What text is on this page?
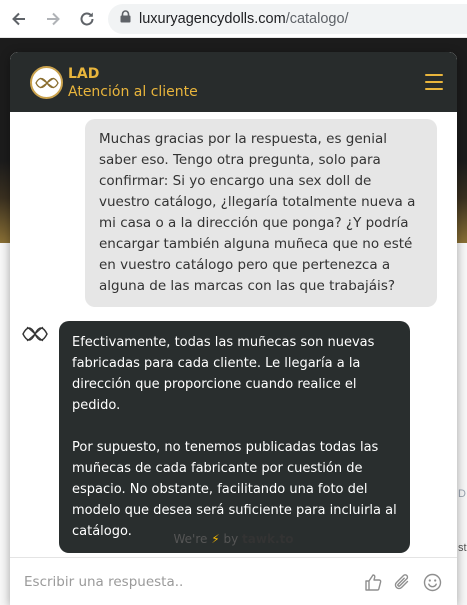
luxuryagencydolls.com/catalogo/
D
st
LAD
Atención al cliente
Muchas gracias por la respuesta, es genial saber eso. Tengo otra pregunta, solo para confirmar: Si yo encargo una sex doll de vuestro catálogo, ¿llegaría totalmente nueva a mi casa o a la dirección que ponga? ¿Y podría encargar también alguna muñeca que no esté en vuestro catálogo pero que pertenezca a alguna de las marcas con las que trabajáis?
Efectivamente, todas las muñecas son nuevas fabricadas para cada cliente. Le llegaría a la dirección que proporcione cuando realice el pedido.
Por supuesto, no tenemos publicadas todas las muñecas de cada fabricante por cuestión de espacio. No obstante, facilitando una foto del modelo que desea será suficiente para incluirla al catálogo.	We're ⚡ by tawk.to
Escribir una respuesta..
